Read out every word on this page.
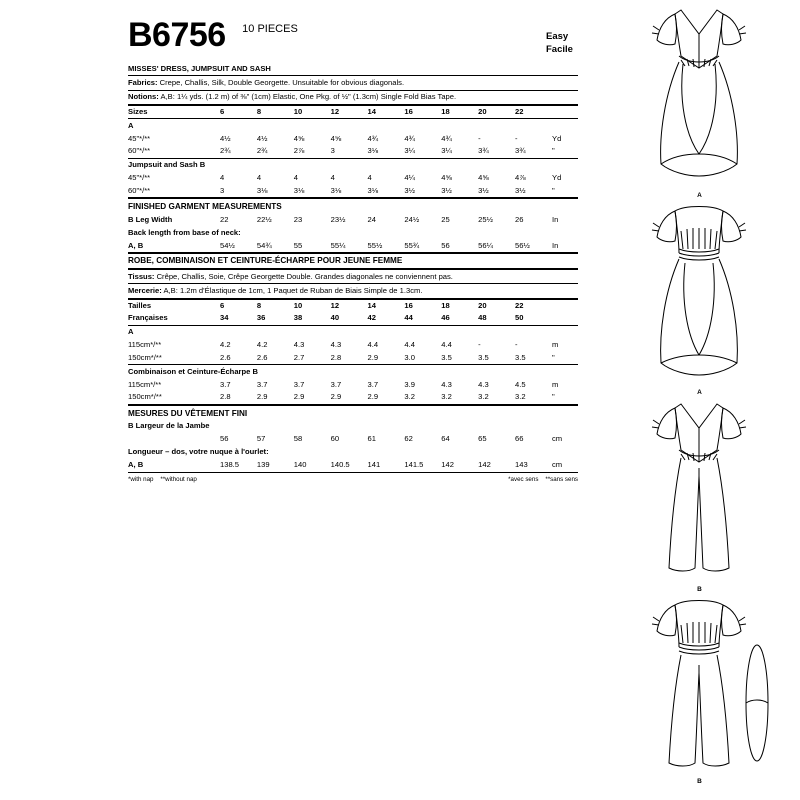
B6756 10 PIECES
Easy
Facile
MISSES' DRESS, JUMPSUIT AND SASH
Fabrics: Crepe, Challis, Silk, Double Georgette. Unsuitable for obvious diagonals.
Notions: A,B: 1¼ yds. (1.2 m) of ⅜" (1cm) Elastic, One Pkg. of ½" (1.3cm) Single Fold Bias Tape.
Sizes	6	8	10	12	14	16	18	20	22	
A
45"*/**	4½	4½	4⅝	4⅝	4¾	4¾	4¾	-	-	Yd
60"*/**	2¾	2¾	2⅞	3	3⅛	3¼	3¼	3¾	3¾	"
Jumpsuit and Sash B
45"*/**	4	4	4	4	4	4¼	4⅝	4⅝	4⅞	Yd
60"*/**	3	3⅛	3⅛	3⅛	3⅛	3½	3½	3½	3½	"
FINISHED GARMENT MEASUREMENTS
B Leg Width	22	22½	23	23½	24	24½	25	25½	26	In
Back length from base of neck:
A, B	54½	54¾	55	55¼	55½	55¾	56	56¼	56½	In
ROBE, COMBINAISON ET CEINTURE-ÉCHARPE POUR JEUNE FEMME
Tissus: Crêpe, Challis, Soie, Crêpe Georgette Double. Grandes diagonales ne conviennent pas.
Mercerie: A,B: 1.2m d'Élastique de 1cm, 1 Paquet de Ruban de Biais Simple de 1.3cm.
Tailles	6	8	10	12	14	16	18	20	22	
Françaises	34	36	38	40	42	44	46	48	50	
A
115cm*/**	4.2	4.2	4.3	4.3	4.4	4.4	4.4	-	-	m
150cm*/**	2.6	2.6	2.7	2.8	2.9	3.0	3.5	3.5	3.5	"
Combinaison et Ceinture-Écharpe B
115cm*/**	3.7	3.7	3.7	3.7	3.7	3.9	4.3	4.3	4.5	m
150cm*/**	2.8	2.9	2.9	2.9	2.9	3.2	3.2	3.2	3.2	"
MESURES DU VÊTEMENT FINI
B Largeur de la Jambe
	56	57	58	60	61	62	64	65	66	cm
Longueur – dos, votre nuque à l'ourlet:
A, B	138.5	139	140	140.5	141	141.5	142	142	143	cm
*with nap **without nap	*avec sens **sans sens
A
A
B
B
